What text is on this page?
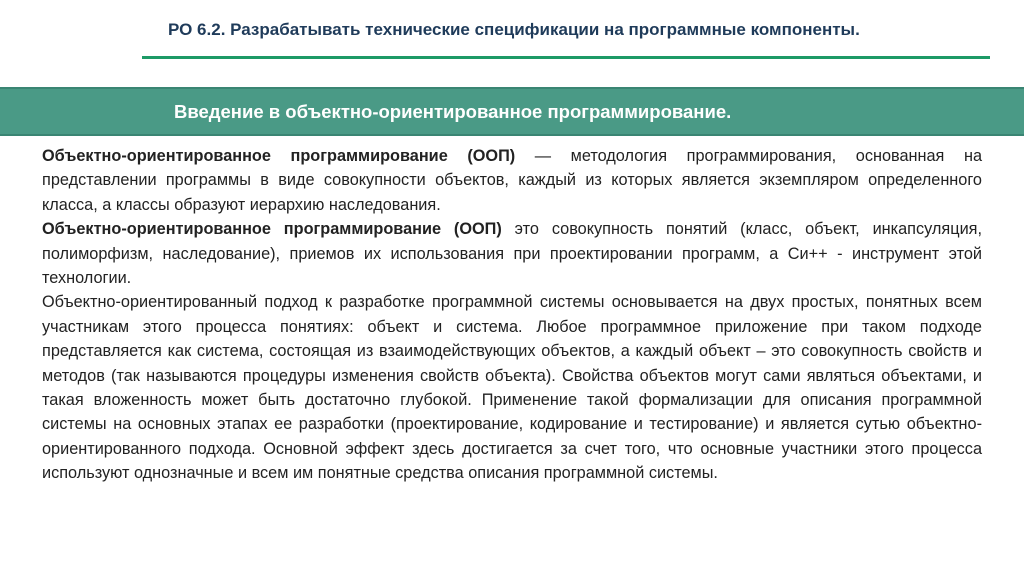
РО 6.2. Разрабатывать технические спецификации на программные компоненты.
Введение в объектно-ориентированное программирование.

Объектно-ориентированное программирование (ООП) — методология программирования, основанная на представлении программы в виде совокупности объектов, каждый из которых является экземпляром определенного класса, а классы образуют иерархию наследования.

Объектно-ориентированное программирование (ООП) это совокупность понятий (класс, объект, инкапсуляция, полиморфизм, наследование), приемов их использования при проектировании программ, а Си++ - инструмент этой технологии.

Объектно-ориентированный подход к разработке программной системы основывается на двух простых, понятных всем участникам этого процесса понятиях: объект и система. Любое программное приложение при таком подходе представляется как система, состоящая из взаимодействующих объектов, а каждый объект – это совокупность свойств и методов (так называются процедуры изменения свойств объекта). Свойства объектов могут сами являться объектами, и такая вложенность может быть достаточно глубокой. Применение такой формализации для описания программной системы на основных этапах ее разработки (проектирование, кодирование и тестирование) и является сутью объектно-ориентированного подхода. Основной эффект здесь достигается за счет того, что основные участники этого процесса используют однозначные и всем им понятные средства описания программной системы.
